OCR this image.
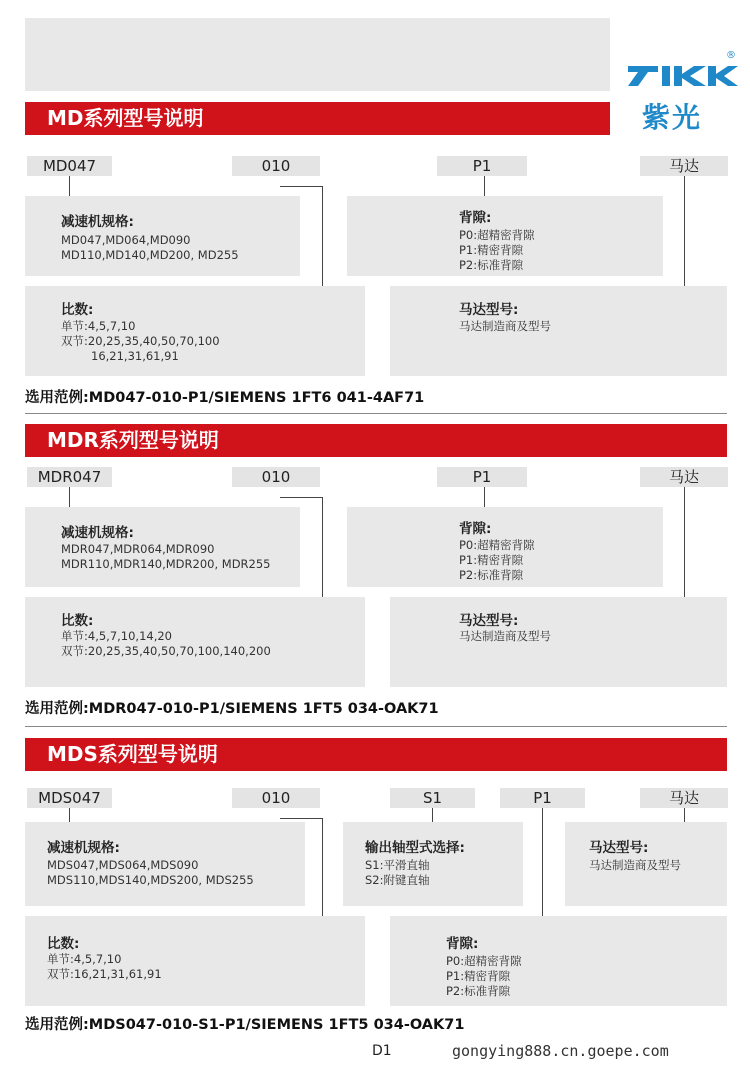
®
紫光
MD系列型号说明
MD047	010	P1	马达
减速机规格:
MD047,MD064,MD090
MD110,MD140,MD200, MD255
背隙:
P0:超精密背隙
P1:精密背隙
P2:标准背隙
比数:
单节:4,5,7,10
双节:20,25,35,40,50,70,100
16,21,31,61,91
马达型号:
马达制造商及型号
选用范例:MD047-010-P1/SIEMENS 1FT6 041-4AF71
MDR系列型号说明
MDR047	010	P1	马达
减速机规格:
MDR047,MDR064,MDR090
MDR110,MDR140,MDR200, MDR255
背隙:
P0:超精密背隙
P1:精密背隙
P2:标准背隙
比数:
单节:4,5,7,10,14,20
双节:20,25,35,40,50,70,100,140,200
马达型号:
马达制造商及型号
选用范例:MDR047-010-P1/SIEMENS 1FT5 034-OAK71
MDS系列型号说明
MDS047	010	S1	P1	马达
减速机规格:
MDS047,MDS064,MDS090
MDS110,MDS140,MDS200, MDS255
输出轴型式选择:
S1:平滑直轴
S2:附键直轴
马达型号:
马达制造商及型号
比数:
单节:4,5,7,10
双节:16,21,31,61,91
背隙:
P0:超精密背隙
P1:精密背隙
P2:标准背隙
选用范例:MDS047-010-S1-P1/SIEMENS 1FT5 034-OAK71
D1	gongying888.cn.goepe.com
